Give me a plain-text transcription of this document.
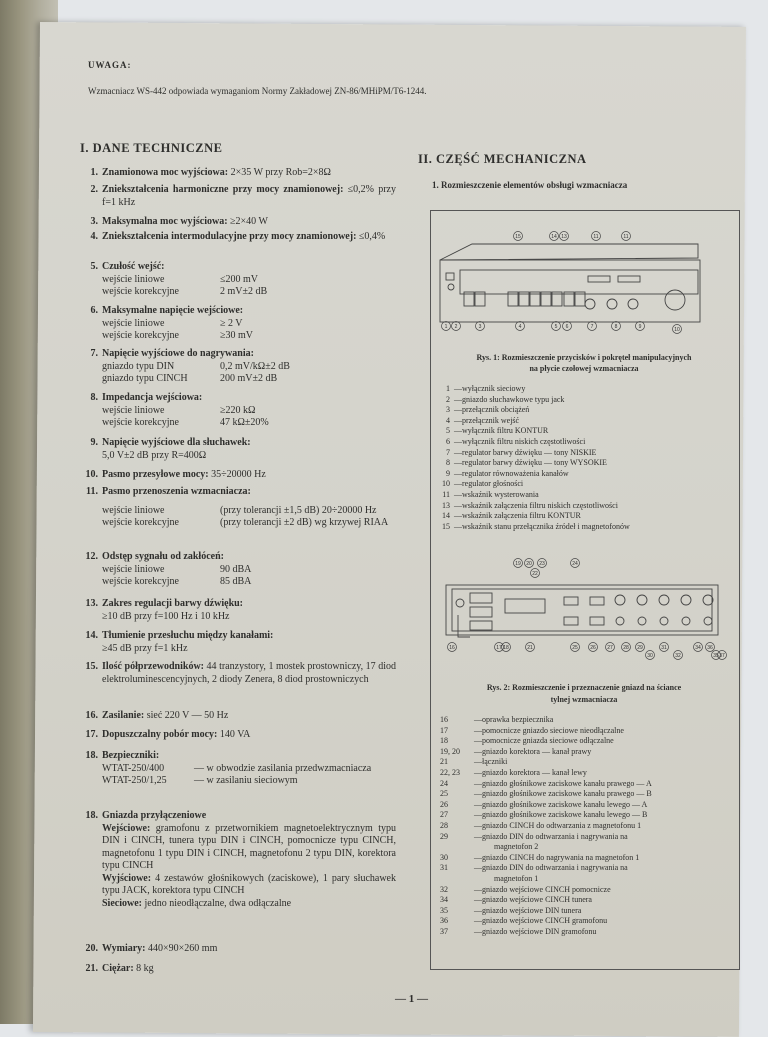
UWAGA:
Wzmacniacz WS-442 odpowiada wymaganiom Normy Zakładowej ZN-86/MHiPM/T6-1244.
I. DANE TECHNICZNE
1. Znamionowa moc wyjściowa: 2×35 W przy Rob=2×8Ω
2. Zniekształcenia harmoniczne przy mocy znamionowej: ≤0,2% przy f=1 kHz
3. Maksymalna moc wyjściowa: ≥2×40 W
4. Zniekształcenia intermodulacyjne przy mocy znamionowej: ≤0,4%
5. Czułość wejść:
wejście liniowe	≤200 mV
wejście korekcyjne	2 mV±2 dB
6. Maksymalne napięcie wejściowe:
wejście liniowe	≥ 2 V
wejście korekcyjne	≥30 mV
7. Napięcie wyjściowe do nagrywania:
gniazdo typu DIN	0,2 mV/kΩ±2 dB
gniazdo typu CINCH	200 mV±2 dB
8. Impedancja wejściowa:
wejście liniowe	≥220 kΩ
wejście korekcyjne	47 kΩ±20%
9. Napięcie wyjściowe dla słuchawek:
5,0 V±2 dB przy R=400Ω
10. Pasmo przesyłowe mocy: 35÷20000 Hz
11. Pasmo przenoszenia wzmacniacza:
wejście liniowe	(przy tolerancji ±1,5 dB) 20÷20000 Hz
wejście korekcyjne	(przy tolerancji ±2 dB) wg krzywej RIAA
12. Odstęp sygnału od zakłóceń:
wejście liniowe	90 dBA
wejście korekcyjne	85 dBA
13. Zakres regulacji barwy dźwięku:
≥10 dB przy f=100 Hz i 10 kHz
14. Tłumienie przesłuchu między kanałami:
≥45 dB przy f=1 kHz
15. Ilość półprzewodników: 44 tranzystory, 1 mostek prostowniczy, 17 diod elektroluminescencyjnych, 2 diody Zenera, 8 diod prostowniczych
16. Zasilanie: sieć 220 V — 50 Hz
17. Dopuszczalny pobór mocy: 140 VA
18. Bezpieczniki:
WTAT-250/400	— w obwodzie zasilania przedwzmacniacza
WTAT-250/1,25	— w zasilaniu sieciowym
18. Gniazda przyłączeniowe
Wejściowe: gramofonu z przetwornikiem magnetoelektrycznym typu DIN i CINCH, tunera typu DIN i CINCH, pomocnicze typu CINCH, magnetofonu 1 typu DIN i CINCH, magnetofonu 2 typu DIN, korektora typu CINCH
Wyjściowe: 4 zestawów głośnikowych (zaciskowe), 1 pary słuchawek typu JACK, korektora typu CINCH
Sieciowe: jedno nieodłączalne, dwa odłączalne
20. Wymiary: 440×90×260 mm
21. Ciężar: 8 kg
II. CZĘŚĆ MECHANICZNA
1. Rozmieszczenie elementów obsługi wzmacniacza
15	14 13	11	11
1 2	3	4	5 6	7	8	9	10
Rys. 1: Rozmieszczenie przycisków i pokręteł manipulacyjnych
na płycie czołowej wzmacniacza
1 — wyłącznik sieciowy
2 — gniazdo słuchawkowe typu jack
3 — przełącznik obciążeń
4 — przełącznik wejść
5 — wyłącznik filtru KONTUR
6 — wyłącznik filtru niskich częstotliwości
7 — regulator barwy dźwięku — tony NISKIE
8 — regulator barwy dźwięku — tony WYSOKIE
9 — regulator równoważenia kanałów
10 — regulator głośności
11 — wskaźnik wysterowania
13 — wskaźnik załączenia filtru niskich częstotliwości
14 — wskaźnik załączenia filtru KONTUR
15 — wskaźnik stanu przełącznika źródeł i magnetofonów
19 20 23
22
24
16	17 18	21	25 26 27 28 29
30
31
32
34
35
36
37
Rys. 2: Rozmieszczenie i przeznaczenie gniazd na ściance
tylnej wzmacniacza
16	— oprawka bezpiecznika
17	— pomocnicze gniazdo sieciowe nieodłączalne
18	— pomocnicze gniazda sieciowe odłączalne
19, 20	— gniazdo korektora — kanał prawy
21	— łączniki
22, 23	— gniazdo korektora — kanał lewy
24	— gniazdo głośnikowe zaciskowe kanału prawego — A
25	— gniazdo głośnikowe zaciskowe kanału prawego — B
26	— gniazdo głośnikowe zaciskowe kanału lewego — A
27	— gniazdo głośnikowe zaciskowe kanału lewego — B
28	— gniazdo CINCH do odtwarzania z magnetofonu 1
29	— gniazdo DIN do odtwarzania i nagrywania na
magnetofon 2
30	— gniazdo CINCH do nagrywania na magnetofon 1
31	— gniazdo DIN do odtwarzania i nagrywania na
magnetofon 1
32	— gniazdo wejściowe CINCH pomocnicze
34	— gniazdo wejściowe CINCH tunera
35	— gniazdo wejściowe DIN tunera
36	— gniazdo wejściowe CINCH gramofonu
37	— gniazdo wejściowe DIN gramofonu
— 1 —
